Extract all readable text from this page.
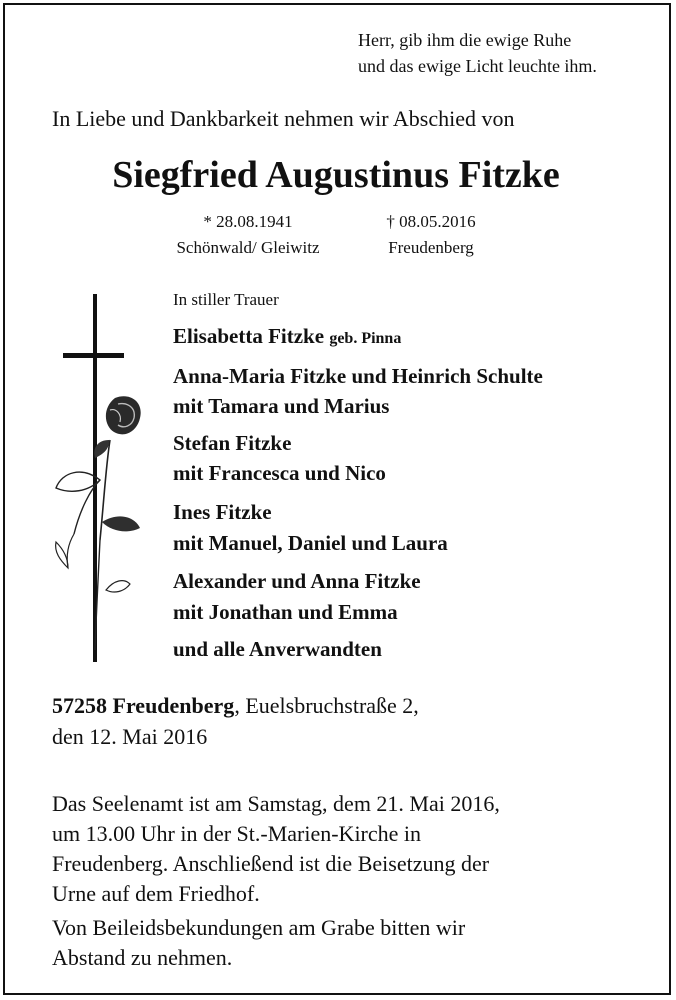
Herr, gib ihm die ewige Ruhe
und das ewige Licht leuchte ihm.
In Liebe und Dankbarkeit nehmen wir Abschied von
Siegfried Augustinus Fitzke
* 28.08.1941
Schönwald/ Gleiwitz
† 08.05.2016
Freudenberg
In stiller Trauer
Elisabetta Fitzke geb. Pinna
Anna-Maria Fitzke und Heinrich Schulte
mit Tamara und Marius
Stefan Fitzke
mit Francesca und Nico
Ines Fitzke
mit Manuel, Daniel und Laura
Alexander und Anna Fitzke
mit Jonathan und Emma
und alle Anverwandten
57258 Freudenberg, Euelsbruchstraße 2,
den 12. Mai 2016
Das Seelenamt ist am Samstag, dem 21. Mai 2016,
um 13.00 Uhr in der St.-Marien-Kirche in
Freudenberg. Anschließend ist die Beisetzung der
Urne auf dem Friedhof.
Von Beileidsbekundungen am Grabe bitten wir
Abstand zu nehmen.
